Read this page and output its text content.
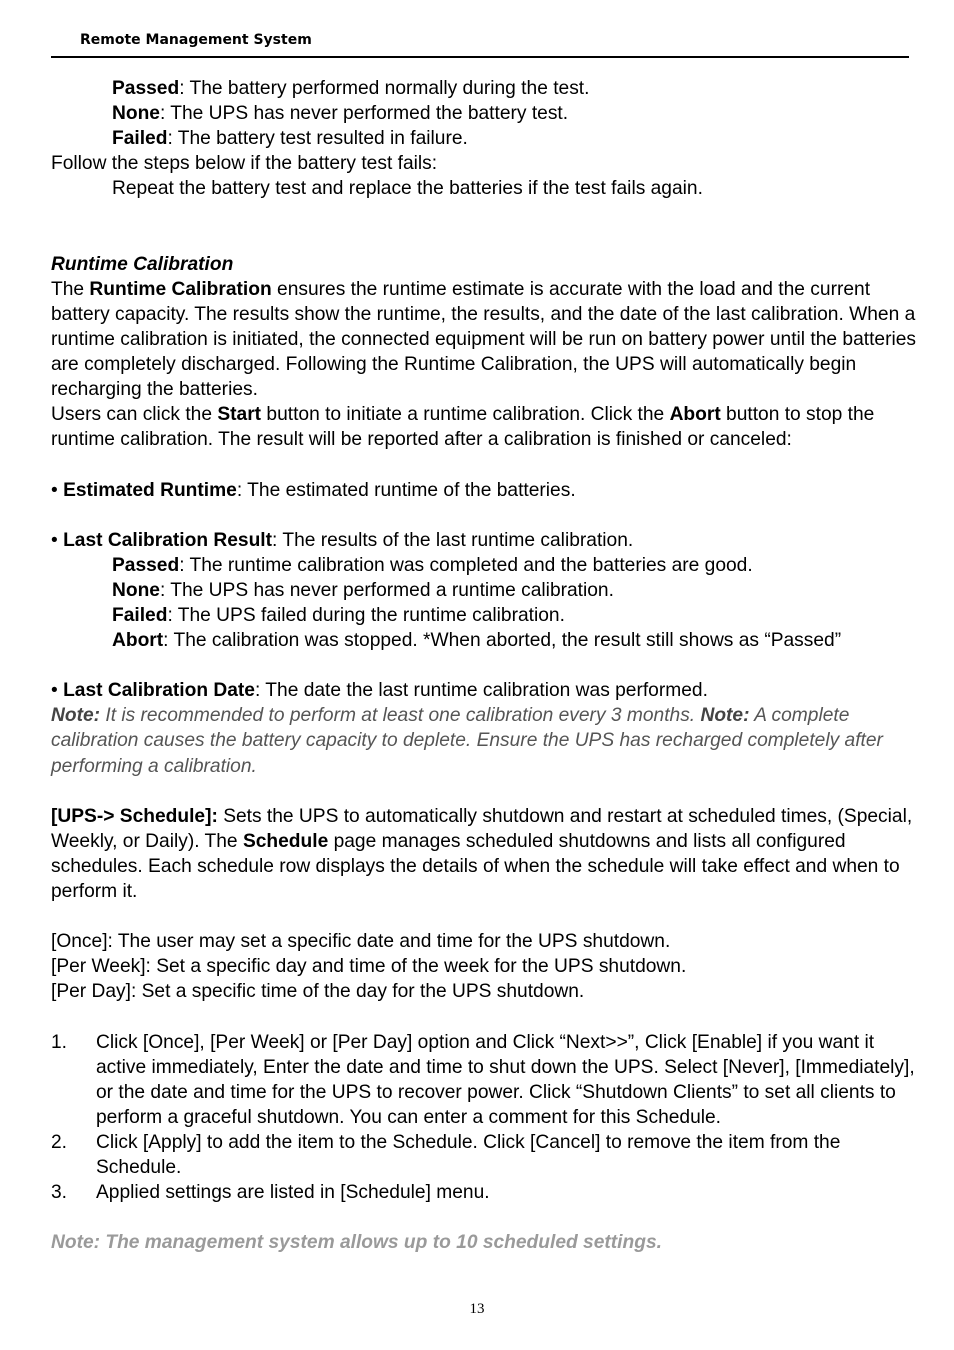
Remote Management System

Passed: The battery performed normally during the test.

None: The UPS has never performed the battery test.

Failed: The battery test resulted in failure.

Follow the steps below if the battery test fails:

Repeat the battery test and replace the batteries if the test fails again.

Runtime Calibration

The Runtime Calibration ensures the runtime estimate is accurate with the load and the current battery capacity. The results show the runtime, the results, and the date of the last calibration. When a runtime calibration is initiated, the connected equipment will be run on battery power until the batteries are completely discharged. Following the Runtime Calibration, the UPS will automatically begin recharging the batteries.

Users can click the Start button to initiate a runtime calibration. Click the Abort button to stop the runtime calibration. The result will be reported after a calibration is finished or canceled:

• Estimated Runtime: The estimated runtime of the batteries.

• Last Calibration Result: The results of the last runtime calibration.

Passed: The runtime calibration was completed and the batteries are good.

None: The UPS has never performed a runtime calibration.

Failed: The UPS failed during the runtime calibration.

Abort: The calibration was stopped. *When aborted, the result still shows as “Passed”

• Last Calibration Date: The date the last runtime calibration was performed.

Note: It is recommended to perform at least one calibration every 3 months. Note: A complete calibration causes the battery capacity to deplete. Ensure the UPS has recharged completely after performing a calibration.

[UPS-> Schedule]: Sets the UPS to automatically shutdown and restart at scheduled times, (Special, Weekly, or Daily). The Schedule page manages scheduled shutdowns and lists all configured schedules. Each schedule row displays the details of when the schedule will take effect and when to perform it.

[Once]: The user may set a specific date and time for the UPS shutdown.

[Per Week]: Set a specific day and time of the week for the UPS shutdown.

[Per Day]: Set a specific time of the day for the UPS shutdown.

1.	Click [Once], [Per Week] or [Per Day] option and Click “Next>>”, Click [Enable] if you want it active immediately, Enter the date and time to shut down the UPS. Select [Never], [Immediately], or the date and time for the UPS to recover power. Click “Shutdown Clients” to set all clients to perform a graceful shutdown. You can enter a comment for this Schedule.
2.	Click [Apply] to add the item to the Schedule. Click [Cancel] to remove the item from the Schedule.
3.	Applied settings are listed in [Schedule] menu.

Note: The management system allows up to 10 scheduled settings.

13
